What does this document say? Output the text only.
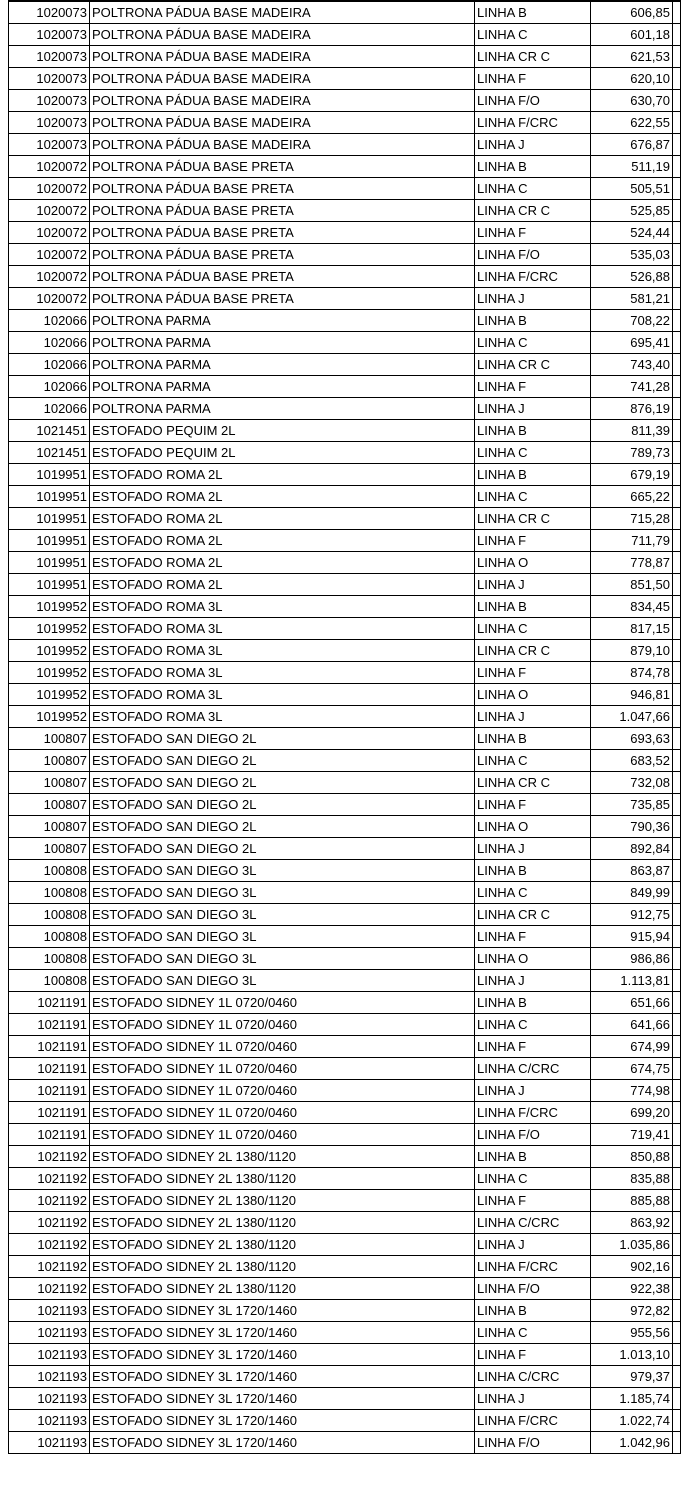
1020073	POLTRONA PÁDUA BASE MADEIRA	LINHA B	606,85	
1020073	POLTRONA PÁDUA BASE MADEIRA	LINHA C	601,18	
1020073	POLTRONA PÁDUA BASE MADEIRA	LINHA CR C	621,53	
1020073	POLTRONA PÁDUA BASE MADEIRA	LINHA F	620,10	
1020073	POLTRONA PÁDUA BASE MADEIRA	LINHA F/O	630,70	
1020073	POLTRONA PÁDUA BASE MADEIRA	LINHA F/CRC	622,55	
1020073	POLTRONA PÁDUA BASE MADEIRA	LINHA J	676,87	
1020072	POLTRONA PÁDUA BASE PRETA	LINHA B	511,19	
1020072	POLTRONA PÁDUA BASE PRETA	LINHA C	505,51	
1020072	POLTRONA PÁDUA BASE PRETA	LINHA CR C	525,85	
1020072	POLTRONA PÁDUA BASE PRETA	LINHA F	524,44	
1020072	POLTRONA PÁDUA BASE PRETA	LINHA F/O	535,03	
1020072	POLTRONA PÁDUA BASE PRETA	LINHA F/CRC	526,88	
1020072	POLTRONA PÁDUA BASE PRETA	LINHA J	581,21	
102066	POLTRONA PARMA	LINHA B	708,22	
102066	POLTRONA PARMA	LINHA C	695,41	
102066	POLTRONA PARMA	LINHA CR C	743,40	
102066	POLTRONA PARMA	LINHA F	741,28	
102066	POLTRONA PARMA	LINHA J	876,19	
1021451	ESTOFADO PEQUIM 2L	LINHA B	811,39	
1021451	ESTOFADO PEQUIM 2L	LINHA C	789,73	
1019951	ESTOFADO ROMA 2L	LINHA B	679,19	
1019951	ESTOFADO ROMA 2L	LINHA C	665,22	
1019951	ESTOFADO ROMA 2L	LINHA CR C	715,28	
1019951	ESTOFADO ROMA 2L	LINHA F	711,79	
1019951	ESTOFADO ROMA 2L	LINHA O	778,87	
1019951	ESTOFADO ROMA 2L	LINHA J	851,50	
1019952	ESTOFADO ROMA 3L	LINHA B	834,45	
1019952	ESTOFADO ROMA 3L	LINHA C	817,15	
1019952	ESTOFADO ROMA 3L	LINHA CR C	879,10	
1019952	ESTOFADO ROMA 3L	LINHA F	874,78	
1019952	ESTOFADO ROMA 3L	LINHA O	946,81	
1019952	ESTOFADO ROMA 3L	LINHA J	1.047,66	
100807	ESTOFADO SAN DIEGO 2L	LINHA B	693,63	
100807	ESTOFADO SAN DIEGO 2L	LINHA C	683,52	
100807	ESTOFADO SAN DIEGO 2L	LINHA CR C	732,08	
100807	ESTOFADO SAN DIEGO 2L	LINHA F	735,85	
100807	ESTOFADO SAN DIEGO 2L	LINHA O	790,36	
100807	ESTOFADO SAN DIEGO 2L	LINHA J	892,84	
100808	ESTOFADO SAN DIEGO 3L	LINHA B	863,87	
100808	ESTOFADO SAN DIEGO 3L	LINHA C	849,99	
100808	ESTOFADO SAN DIEGO 3L	LINHA CR C	912,75	
100808	ESTOFADO SAN DIEGO 3L	LINHA F	915,94	
100808	ESTOFADO SAN DIEGO 3L	LINHA O	986,86	
100808	ESTOFADO SAN DIEGO 3L	LINHA J	1.113,81	
1021191	ESTOFADO SIDNEY 1L 0720/0460	LINHA B	651,66	
1021191	ESTOFADO SIDNEY 1L 0720/0460	LINHA C	641,66	
1021191	ESTOFADO SIDNEY 1L 0720/0460	LINHA F	674,99	
1021191	ESTOFADO SIDNEY 1L 0720/0460	LINHA C/CRC	674,75	
1021191	ESTOFADO SIDNEY 1L 0720/0460	LINHA J	774,98	
1021191	ESTOFADO SIDNEY 1L 0720/0460	LINHA F/CRC	699,20	
1021191	ESTOFADO SIDNEY 1L 0720/0460	LINHA F/O	719,41	
1021192	ESTOFADO SIDNEY 2L 1380/1120	LINHA B	850,88	
1021192	ESTOFADO SIDNEY 2L 1380/1120	LINHA C	835,88	
1021192	ESTOFADO SIDNEY 2L 1380/1120	LINHA F	885,88	
1021192	ESTOFADO SIDNEY 2L 1380/1120	LINHA C/CRC	863,92	
1021192	ESTOFADO SIDNEY 2L 1380/1120	LINHA J	1.035,86	
1021192	ESTOFADO SIDNEY 2L 1380/1120	LINHA F/CRC	902,16	
1021192	ESTOFADO SIDNEY 2L 1380/1120	LINHA F/O	922,38	
1021193	ESTOFADO SIDNEY 3L 1720/1460	LINHA B	972,82	
1021193	ESTOFADO SIDNEY 3L 1720/1460	LINHA C	955,56	
1021193	ESTOFADO SIDNEY 3L 1720/1460	LINHA F	1.013,10	
1021193	ESTOFADO SIDNEY 3L 1720/1460	LINHA C/CRC	979,37	
1021193	ESTOFADO SIDNEY 3L 1720/1460	LINHA J	1.185,74	
1021193	ESTOFADO SIDNEY 3L 1720/1460	LINHA F/CRC	1.022,74	
1021193	ESTOFADO SIDNEY 3L 1720/1460	LINHA F/O	1.042,96	
